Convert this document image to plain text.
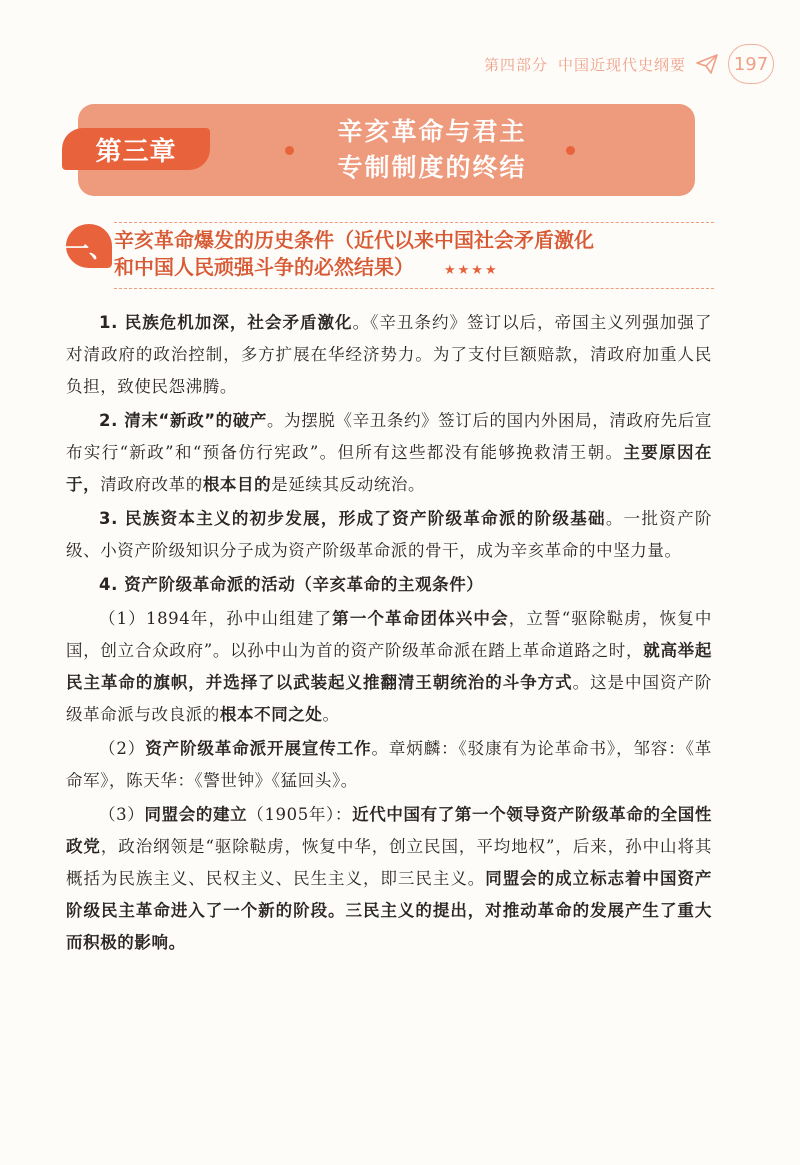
第四部分 中国近现代史纲要	197
第三章
辛亥革命与君主
专制制度的终结
一、 辛亥革命爆发的历史条件（近代以来中国社会矛盾激化
和中国人民顽强斗争的必然结果） ★★★★

1. 民族危机加深，社会矛盾激化。《辛丑条约》签订以后，帝国主义列强加强了对清政府的政治控制，多方扩展在华经济势力。为了支付巨额赔款，清政府加重人民负担，致使民怨沸腾。

2. 清末“新政”的破产。为摆脱《辛丑条约》签订后的国内外困局，清政府先后宣布实行“新政”和“预备仿行宪政”。但所有这些都没有能够挽救清王朝。主要原因在于，清政府改革的根本目的是延续其反动统治。

3. 民族资本主义的初步发展，形成了资产阶级革命派的阶级基础。一批资产阶级、小资产阶级知识分子成为资产阶级革命派的骨干，成为辛亥革命的中坚力量。

4. 资产阶级革命派的活动（辛亥革命的主观条件）

（1）1894年，孙中山组建了第一个革命团体兴中会，立誓“驱除鞑虏，恢复中国，创立合众政府”。以孙中山为首的资产阶级革命派在踏上革命道路之时，就高举起民主革命的旗帜，并选择了以武装起义推翻清王朝统治的斗争方式。这是中国资产阶级革命派与改良派的根本不同之处。

（2）资产阶级革命派开展宣传工作。章炳麟：《驳康有为论革命书》，邹容：《革命军》，陈天华：《警世钟》《猛回头》。

（3）同盟会的建立（1905年）：近代中国有了第一个领导资产阶级革命的全国性政党，政治纲领是“驱除鞑虏，恢复中华，创立民国，平均地权”，后来，孙中山将其概括为民族主义、民权主义、民生主义，即三民主义。同盟会的成立标志着中国资产阶级民主革命进入了一个新的阶段。三民主义的提出，对推动革命的发展产生了重大而积极的影响。
